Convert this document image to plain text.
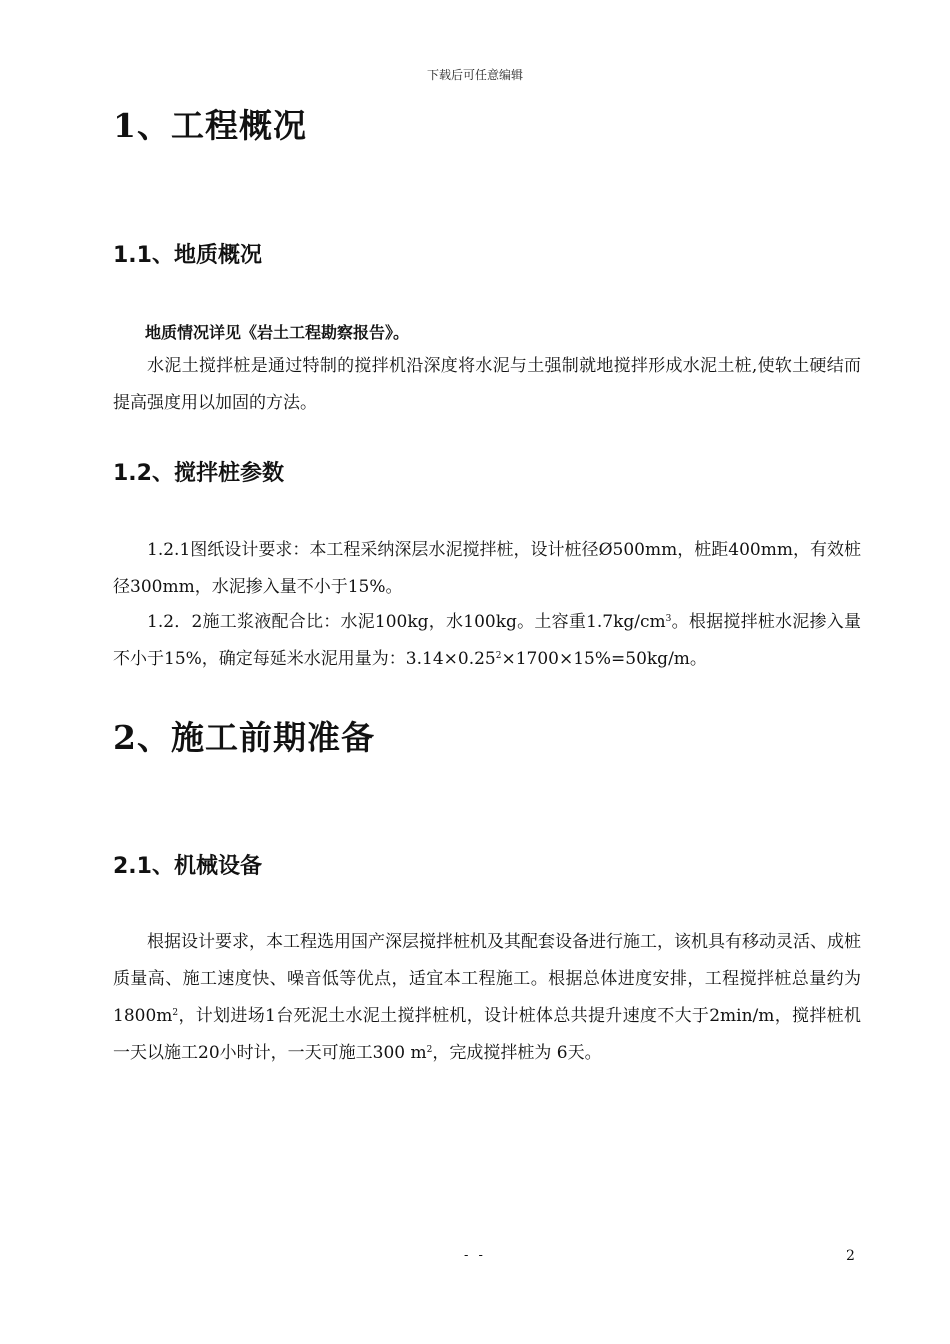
下载后可任意编辑
1、工程概况
1.1、地质概况
地质情况详见《岩土工程勘察报告》。
水泥土搅拌桩是通过特制的搅拌机沿深度将水泥与土强制就地搅拌形成水泥土桩,使软土硬结而提高强度用以加固的方法。
1.2、搅拌桩参数
1.2.1图纸设计要求：本工程采纳深层水泥搅拌桩，设计桩径Ø500mm，桩距400mm，有效桩径300mm，水泥掺入量不小于15%。
1.2．2施工浆液配合比：水泥100kg，水100kg。土容重$1.7kg/cm^3$。根据搅拌桩水泥掺入量不小于15%，确定每延米水泥用量为：$3.14\times 0.25^2\times 1700\times 15\%=50kg/m$。
2、施工前期准备
2.1、机械设备
根据设计要求，本工程选用国产深层搅拌桩机及其配套设备进行施工，该机具有移动灵活、成桩质量高、施工速度快、噪音低等优点，适宜本工程施工。根据总体进度安排，工程搅拌桩总量约为$1800m^2$，计划进场1台死泥土水泥土搅拌桩机，设计桩体总共提升速度不大于2min/m，搅拌桩机一天以施工20小时计，一天可施工300 $m^2$，完成搅拌桩为 6天。
- -	2
